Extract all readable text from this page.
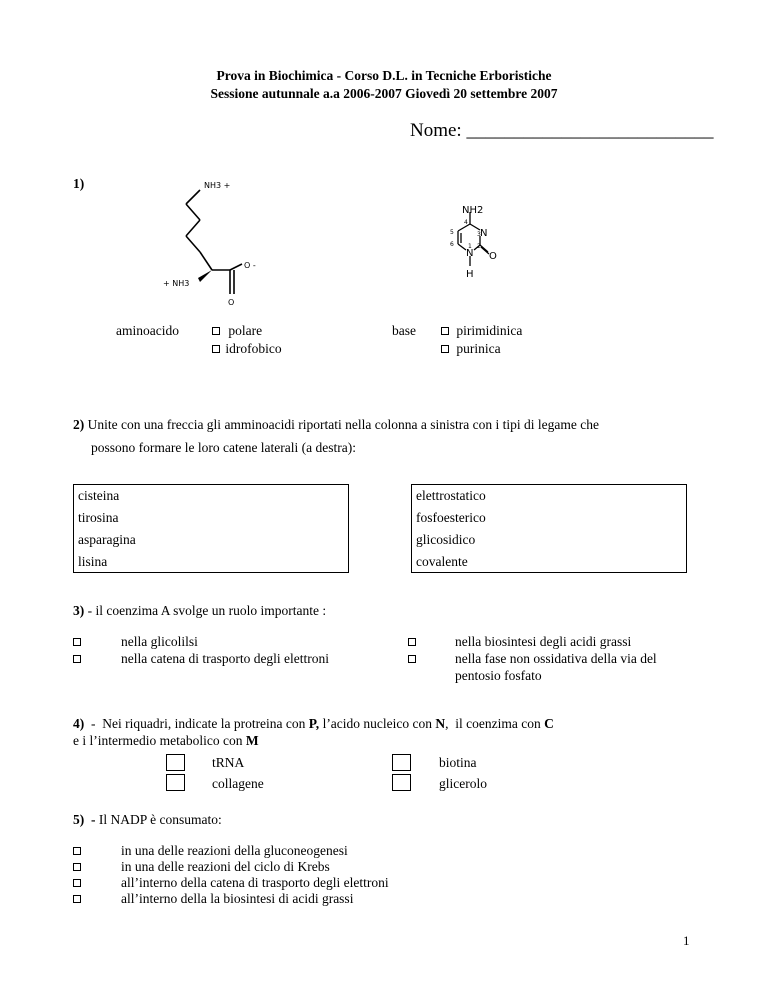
Prova in Biochimica - Corso D.L. in Tecniche Erboristiche
Sessione autunnale a.a 2006-2007 Giovedì 20 settembre 2007
Nome: __________________________
1)	NH3 +
+ NH3
O -
O
NH2
N
N O
H
4
5
6 1 2
3
aminoacido	polare
idrofobico
base	pirimidinica
purinica
2) Unite con una freccia gli amminoacidi riportati nella colonna a sinistra con i tipi di legame che
possono formare le loro catene laterali (a destra):
cisteina
tirosina
asparagina
lisina
elettrostatico
fosfoesterico
glicosidico
covalente
3) - il coenzima A svolge un ruolo importante :
nella glicolilsi
nella catena di trasporto degli elettroni
nella biosintesi degli acidi grassi
nella fase non ossidativa della via del
pentosio fosfato
4)  -  Nei riquadri, indicate la protreina con P, l’acido nucleico con N,  il coenzima con C
e i l’intermedio metabolico con M
tRNA
collagene
biotina
glicerolo
5)  - Il NADP è consumato:
in una delle reazioni della gluconeogenesi
in una delle reazioni del ciclo di Krebs
all’interno della catena di trasporto degli elettroni
all’interno della la biosintesi di acidi grassi
1
